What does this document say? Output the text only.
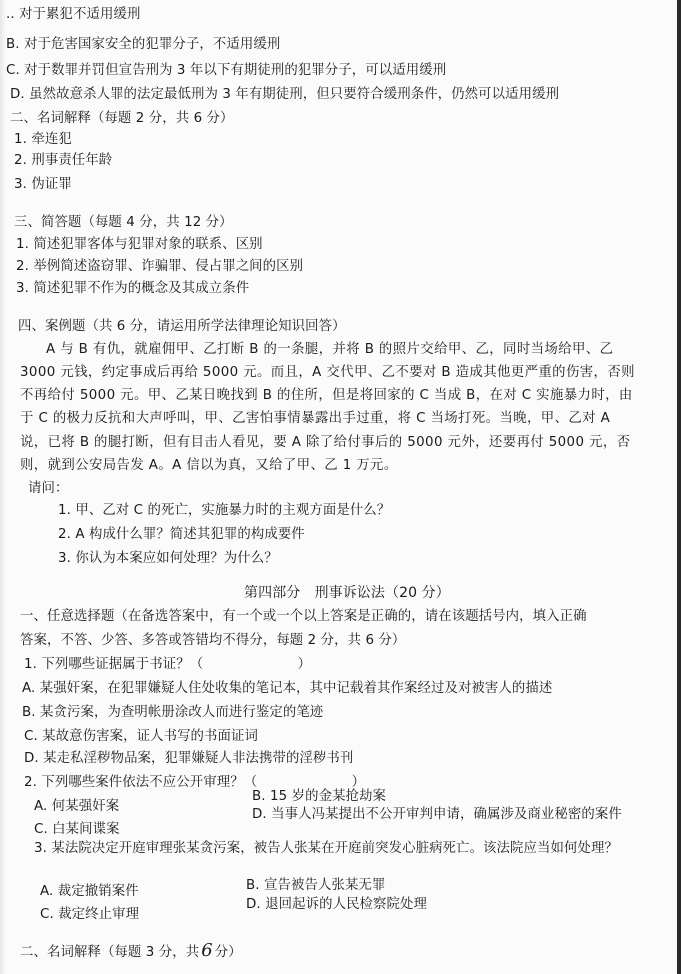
.. 对于累犯不适用缓刑
B. 对于危害国家安全的犯罪分子，不适用缓刑
C. 对于数罪并罚但宣告刑为 3 年以下有期徒刑的犯罪分子，可以适用缓刑
D. 虽然故意杀人罪的法定最低刑为 3 年有期徒刑，但只要符合缓刑条件，仍然可以适用缓刑
二、名词解释（每题 2 分，共 6 分）
1. 牵连犯
2. 刑事责任年龄
3. 伪证罪
三、简答题（每题 4 分，共 12 分）
1. 简述犯罪客体与犯罪对象的联系、区别
2. 举例简述盗窃罪、诈骗罪、侵占罪之间的区别
3. 简述犯罪不作为的概念及其成立条件
四、案例题（共 6 分，请运用所学法律理论知识回答）
A 与 B 有仇，就雇佣甲、乙打断 B 的一条腿，并将 B 的照片交给甲、乙，同时当场给甲、乙
3000 元钱，约定事成后再给 5000 元。而且，A 交代甲、乙不要对 B 造成其他更严重的伤害，否则
不再给付 5000 元。甲、乙某日晚找到 B 的住所，但是将回家的 C 当成 B，在对 C 实施暴力时，由
于 C 的极力反抗和大声呼叫，甲、乙害怕事情暴露出手过重，将 C 当场打死。当晚，甲、乙对 A
说，已将 B 的腿打断，但有目击人看见，要 A 除了给付事后的 5000 元外，还要再付 5000 元，否
则，就到公安局告发 A。A 信以为真，又给了甲、乙 1 万元。
请问：
1. 甲、乙对 C 的死亡，实施暴力时的主观方面是什么？
2. A 构成什么罪？简述其犯罪的构成要件
3. 你认为本案应如何处理？为什么？
第四部分　刑事诉讼法（20 分）
一、任意选择题（在备选答案中，有一个或一个以上答案是正确的，请在该题括号内，填入正确
答案，不答、少答、多答或答错均不得分，每题 2 分，共 6 分）
1. 下列哪些证据属于书证？（　　　　　　　）
A. 某强奸案，在犯罪嫌疑人住处收集的笔记本，其中记载着其作案经过及对被害人的描述
B. 某贪污案，为查明帐册涂改人而进行鉴定的笔迹
C. 某故意伤害案，证人书写的书面证词
D. 某走私淫秽物品案，犯罪嫌疑人非法携带的淫秽书刊
2. 下列哪些案件依法不应公开审理？（　　　　　　　）
A. 何某强奸案
B. 15 岁的金某抢劫案
C. 白某间谍案
D. 当事人冯某提出不公开审判申请，确属涉及商业秘密的案件
3. 某法院决定开庭审理张某贪污案，被告人张某在开庭前突发心脏病死亡。该法院应当如何处理？
A. 裁定撤销案件	B. 宣告被告人张某无罪
C. 裁定终止审理
D. 退回起诉的人民检察院处理
二、名词解释（每题 3 分，共 6 分）
